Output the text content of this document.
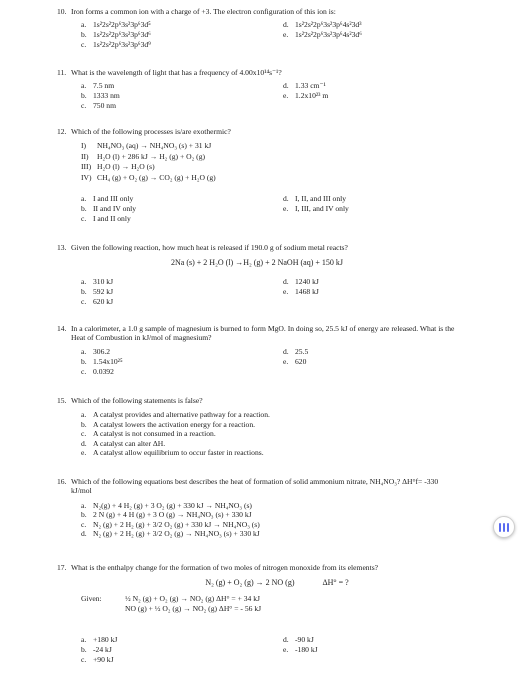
10. Iron forms a common ion with a charge of +3. The electron configuration of this ion is:
a. 1s²2s²2p⁶3s²3p⁶3d⁵
b. 1s²2s²2p⁶3s²3p⁶3d⁶
c. 1s²2s²2p⁶3s²3p⁶3d⁹
d. 1s²2s²2p⁶3s²3p⁶4s²3d³
e. 1s²2s²2p⁶3s²3p⁶4s²3d⁶
11. What is the wavelength of light that has a frequency of 4.00x10¹⁴s⁻¹?
a. 7.5 nm
b. 1333 nm
c. 750 nm
d. 1.33 cm⁻¹
e. 1.2x10²³ m
12. Which of the following processes is/are exothermic?
I)	NH₄NO₃ (aq) → NH₄NO₃ (s) + 31 kJ
II)	H₂O (l) + 286 kJ → H₂ (g) + O₂ (g)
III) H₂O (l) → H₂O (s)
IV) CH₄ (g) + O₂ (g) → CO₂ (g) + H₂O (g)
a. I and III only
b. II and IV only
c. I and II only
d. I, II, and III only
e. I, III, and IV only
13. Given the following reaction, how much heat is released if 190.0 g of sodium metal reacts?
2Na (s) + 2 H₂O (l) →H₂ (g) + 2 NaOH (aq) + 150 kJ
a. 310 kJ
b. 592 kJ
c. 620 kJ
d. 1240 kJ
e. 1468 kJ
14. In a calorimeter, a 1.0 g sample of magnesium is burned to form MgO. In doing so, 25.5 kJ of energy are released. What is the Heat of Combustion in kJ/mol of magnesium?
a. 306.2
b. 1.54x10²⁵
c. 0.0392
d. 25.5
e. 620
15. Which of the following statements is false?
a. A catalyst provides and alternative pathway for a reaction.
b. A catalyst lowers the activation energy for a reaction.
c. A catalyst is not consumed in a reaction.
d. A catalyst can alter ΔH.
e. A catalyst allow equilibrium to occur faster in reactions.
16. Which of the following equations best describes the heat of formation of solid ammonium nitrate, NH₄NO₃? ΔH°f= -330 kJ/mol
a. N₂(g) + 4 H₂ (g) + 3 O₂ (g) + 330 kJ → NH₄NO₃ (s)
b. 2 N (g) + 4 H (g) + 3 O (g) → NH₄NO₃ (s) + 330 kJ
c. N₂ (g) + 2 H₂ (g) + 3/2 O₂ (g) + 330 kJ → NH₄NO₃ (s)
d. N₂ (g) + 2 H₂ (g) + 3/2 O₂ (g) → NH₄NO₃ (s) + 330 kJ
17. What is the enthalpy change for the formation of two moles of nitrogen monoxide from its elements?
N₂ (g) + O₂ (g) → 2 NO (g)	ΔH° = ?
Given:	½ N₂ (g) + O₂ (g) → NO₂ (g) ΔH° = + 34 kJ
NO (g) + ½ O₂ (g) → NO₂ (g) ΔH° = - 56 kJ
a. +180 kJ
b. -24 kJ
c. +90 kJ
d. -90 kJ
e. -180 kJ
